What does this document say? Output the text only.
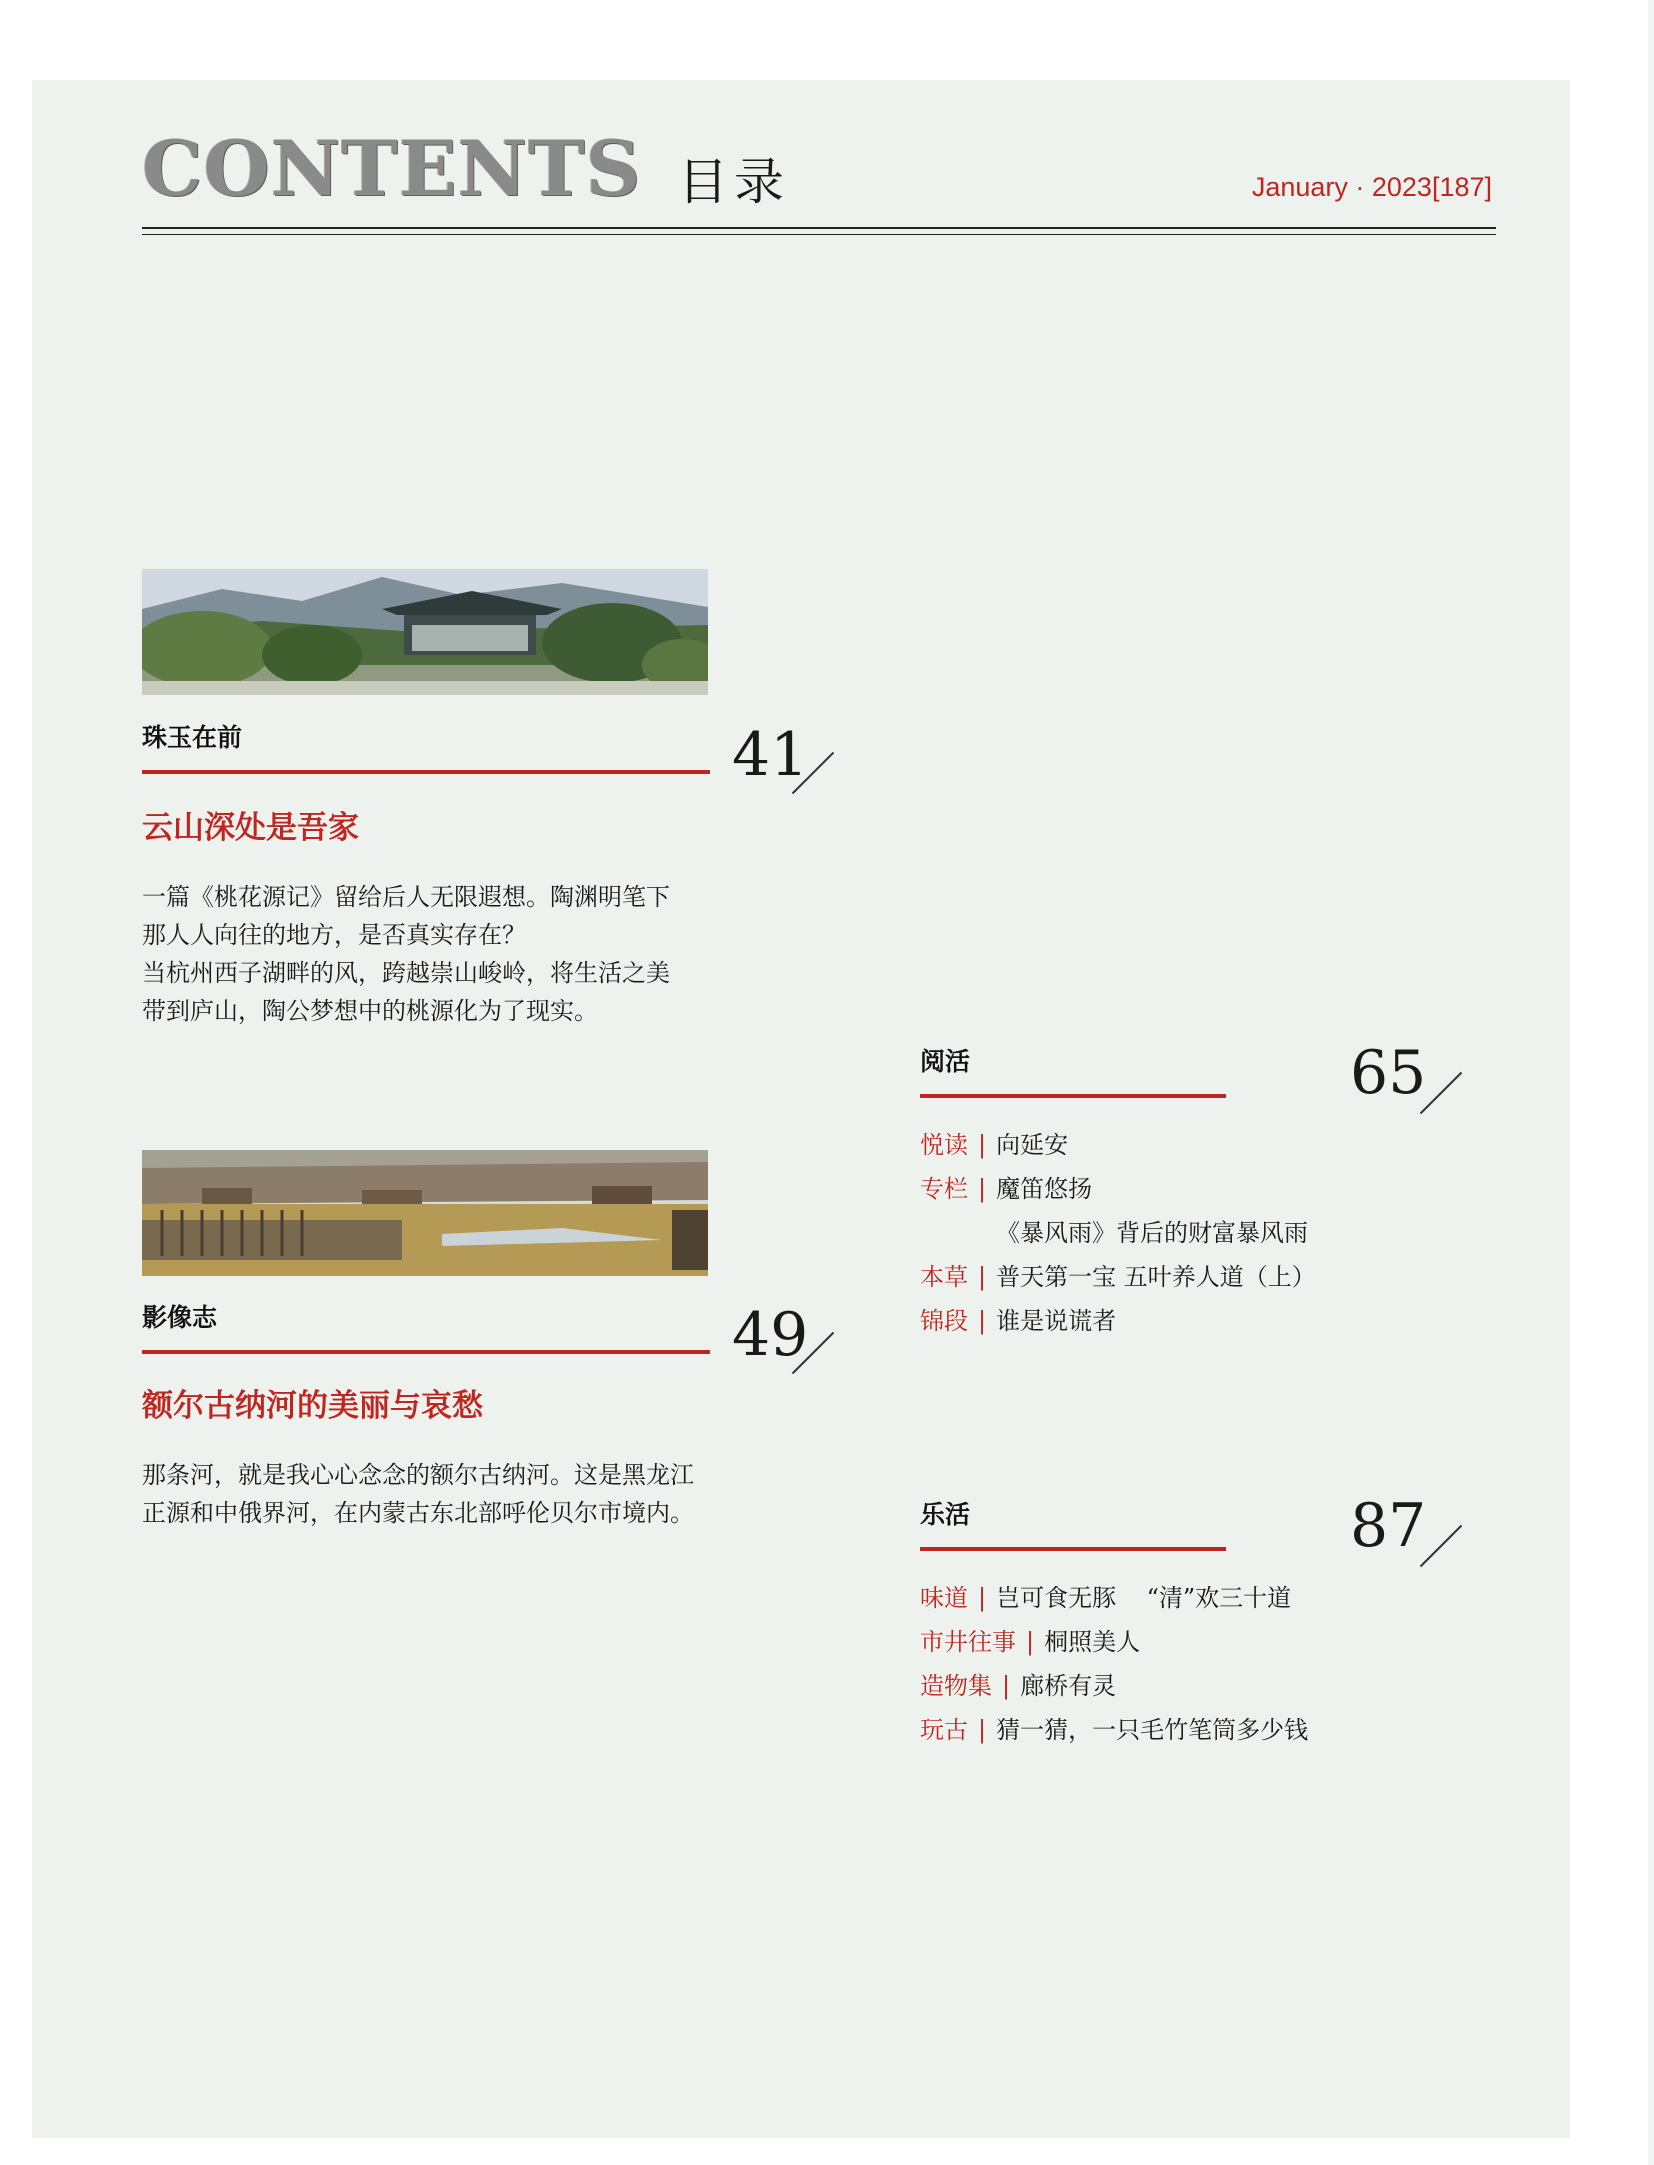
CONTENTS 目录	January · 2023[187]
珠玉在前	41
云山深处是吾家
一篇《桃花源记》留给后人无限遐想。陶渊明笔下
那人人向往的地方，是否真实存在？
当杭州西子湖畔的风，跨越崇山峻岭，将生活之美
带到庐山，陶公梦想中的桃源化为了现实。
影像志	49
额尔古纳河的美丽与哀愁
那条河，就是我心心念念的额尔古纳河。这是黑龙江
正源和中俄界河，在内蒙古东北部呼伦贝尔市境内。
阅活	65
悦读 | 向延安
专栏 | 魔笛悠扬
《暴风雨》背后的财富暴风雨
本草 | 普天第一宝 五叶养人道（上）
锦段 | 谁是说谎者
乐活	87
味道 | 岂可食无豚    “清”欢三十道
市井往事 | 桐照美人
造物集 | 廊桥有灵
玩古 | 猜一猜，一只毛竹笔筒多少钱
